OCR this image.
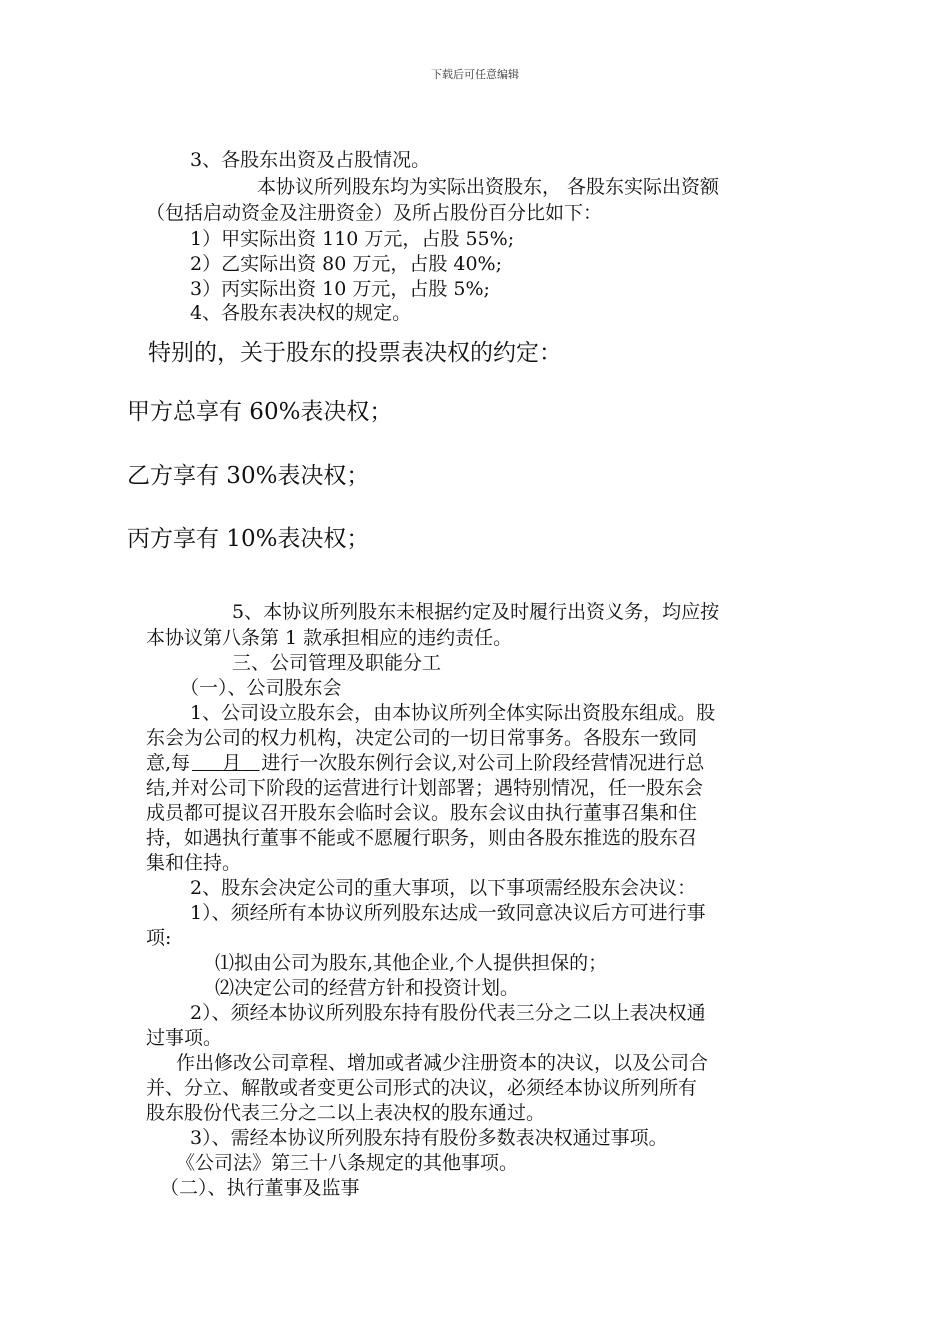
下载后可任意编辑
3、各股东出资及占股情况。
本协议所列股东均为实际出资股东， 各股东实际出资额
（包括启动资金及注册资金）及所占股份百分比如下：
1）甲实际出资 110 万元，占股 55%;
2）乙实际出资 80 万元，占股 40%;
3）丙实际出资 10 万元，占股 5%;
4、各股东表决权的规定。
特别的，关于股东的投票表决权的约定：
甲方总享有 60%表决权；
乙方享有 30%表决权；
丙方享有 10%表决权；
5、本协议所列股东未根据约定及时履行出资义务，均应按
本协议第八条第 1 款承担相应的违约责任。
三、公司管理及职能分工
（一）、公司股东会
1、公司设立股东会，由本协议所列全体实际出资股东组成。股
东会为公司的权力机构，决定公司的一切日常事务。各股东一致同
意,每 月 进行一次股东例行会议,对公司上阶段经营情况进行总
结,并对公司下阶段的运营进行计划部署；遇特别情况，任一股东会
成员都可提议召开股东会临时会议。股东会议由执行董事召集和住
持，如遇执行董事不能或不愿履行职务，则由各股东推选的股东召
集和住持。
2、股东会决定公司的重大事项，以下事项需经股东会决议：
1）、须经所有本协议所列股东达成一致同意决议后方可进行事
项:
⑴拟由公司为股东,其他企业,个人提供担保的；
⑵决定公司的经营方针和投资计划。
2）、须经本协议所列股东持有股份代表三分之二以上表决权通
过事项。
作出修改公司章程、增加或者减少注册资本的决议，以及公司合
并、分立、解散或者变更公司形式的决议，必须经本协议所列所有
股东股份代表三分之二以上表决权的股东通过。
3）、需经本协议所列股东持有股份多数表决权通过事项。
《公司法》第三十八条规定的其他事项。
（二）、执行董事及监事
